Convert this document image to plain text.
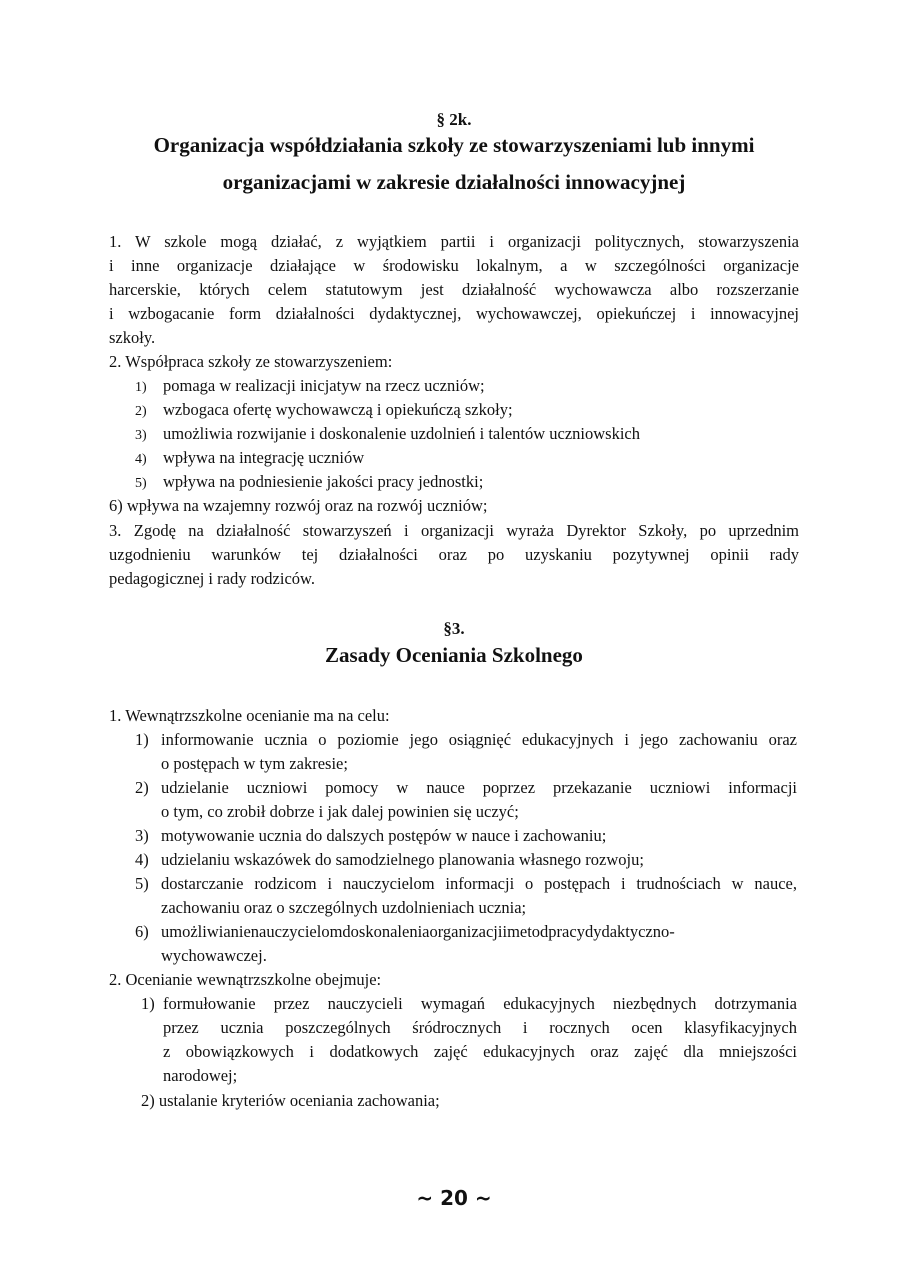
§ 2k.
Organizacja współdziałania szkoły ze stowarzyszeniami lub innymi
organizacjami w zakresie działalności innowacyjnej
1. W szkole mogą działać, z wyjątkiem partii i organizacji politycznych, stowarzyszenia
i inne organizacje działające w środowisku lokalnym, a w szczególności organizacje
harcerskie, których celem statutowym jest działalność wychowawcza albo rozszerzanie
i wzbogacanie form działalności dydaktycznej, wychowawczej, opiekuńczej i innowacyjnej
szkoły.
2. Współpraca szkoły ze stowarzyszeniem:
1) pomaga w realizacji inicjatyw na rzecz uczniów;
2) wzbogaca ofertę wychowawczą i opiekuńczą szkoły;
3) umożliwia rozwijanie i doskonalenie uzdolnień i talentów uczniowskich
4) wpływa na integrację uczniów
5) wpływa na podniesienie jakości pracy jednostki;
6) wpływa na wzajemny rozwój oraz na rozwój uczniów;
3. Zgodę na działalność stowarzyszeń i organizacji wyraża Dyrektor Szkoły, po uprzednim
uzgodnieniu warunków tej działalności oraz po uzyskaniu pozytywnej opinii rady
pedagogicznej i rady rodziców.
§3.
Zasady Oceniania Szkolnego
1. Wewnątrzszkolne ocenianie ma na celu:
1) informowanie ucznia o poziomie jego osiągnięć edukacyjnych i jego zachowaniu oraz
o postępach w tym zakresie;
2) udzielanie uczniowi pomocy w nauce poprzez przekazanie uczniowi informacji
o tym, co zrobił dobrze i jak dalej powinien się uczyć;
3) motywowanie ucznia do dalszych postępów w nauce i zachowaniu;
4) udzielaniu wskazówek do samodzielnego planowania własnego rozwoju;
5) dostarczanie rodzicom i nauczycielom informacji o postępach i trudnościach w nauce,
zachowaniu oraz o szczególnych uzdolnieniach ucznia;
6) umożliwianienauczycielomdoskonaleniaorganizacjiimetodpracydydaktyczno-
wychowawczej.
2. Ocenianie wewnątrzszkolne obejmuje:
1) formułowanie przez nauczycieli wymagań edukacyjnych niezbędnych dotrzymania
przez ucznia poszczególnych śródrocznych i rocznych ocen klasyfikacyjnych
z obowiązkowych i dodatkowych zajęć edukacyjnych oraz zajęć dla mniejszości
narodowej;
2) ustalanie kryteriów oceniania zachowania;
~ 20 ~
